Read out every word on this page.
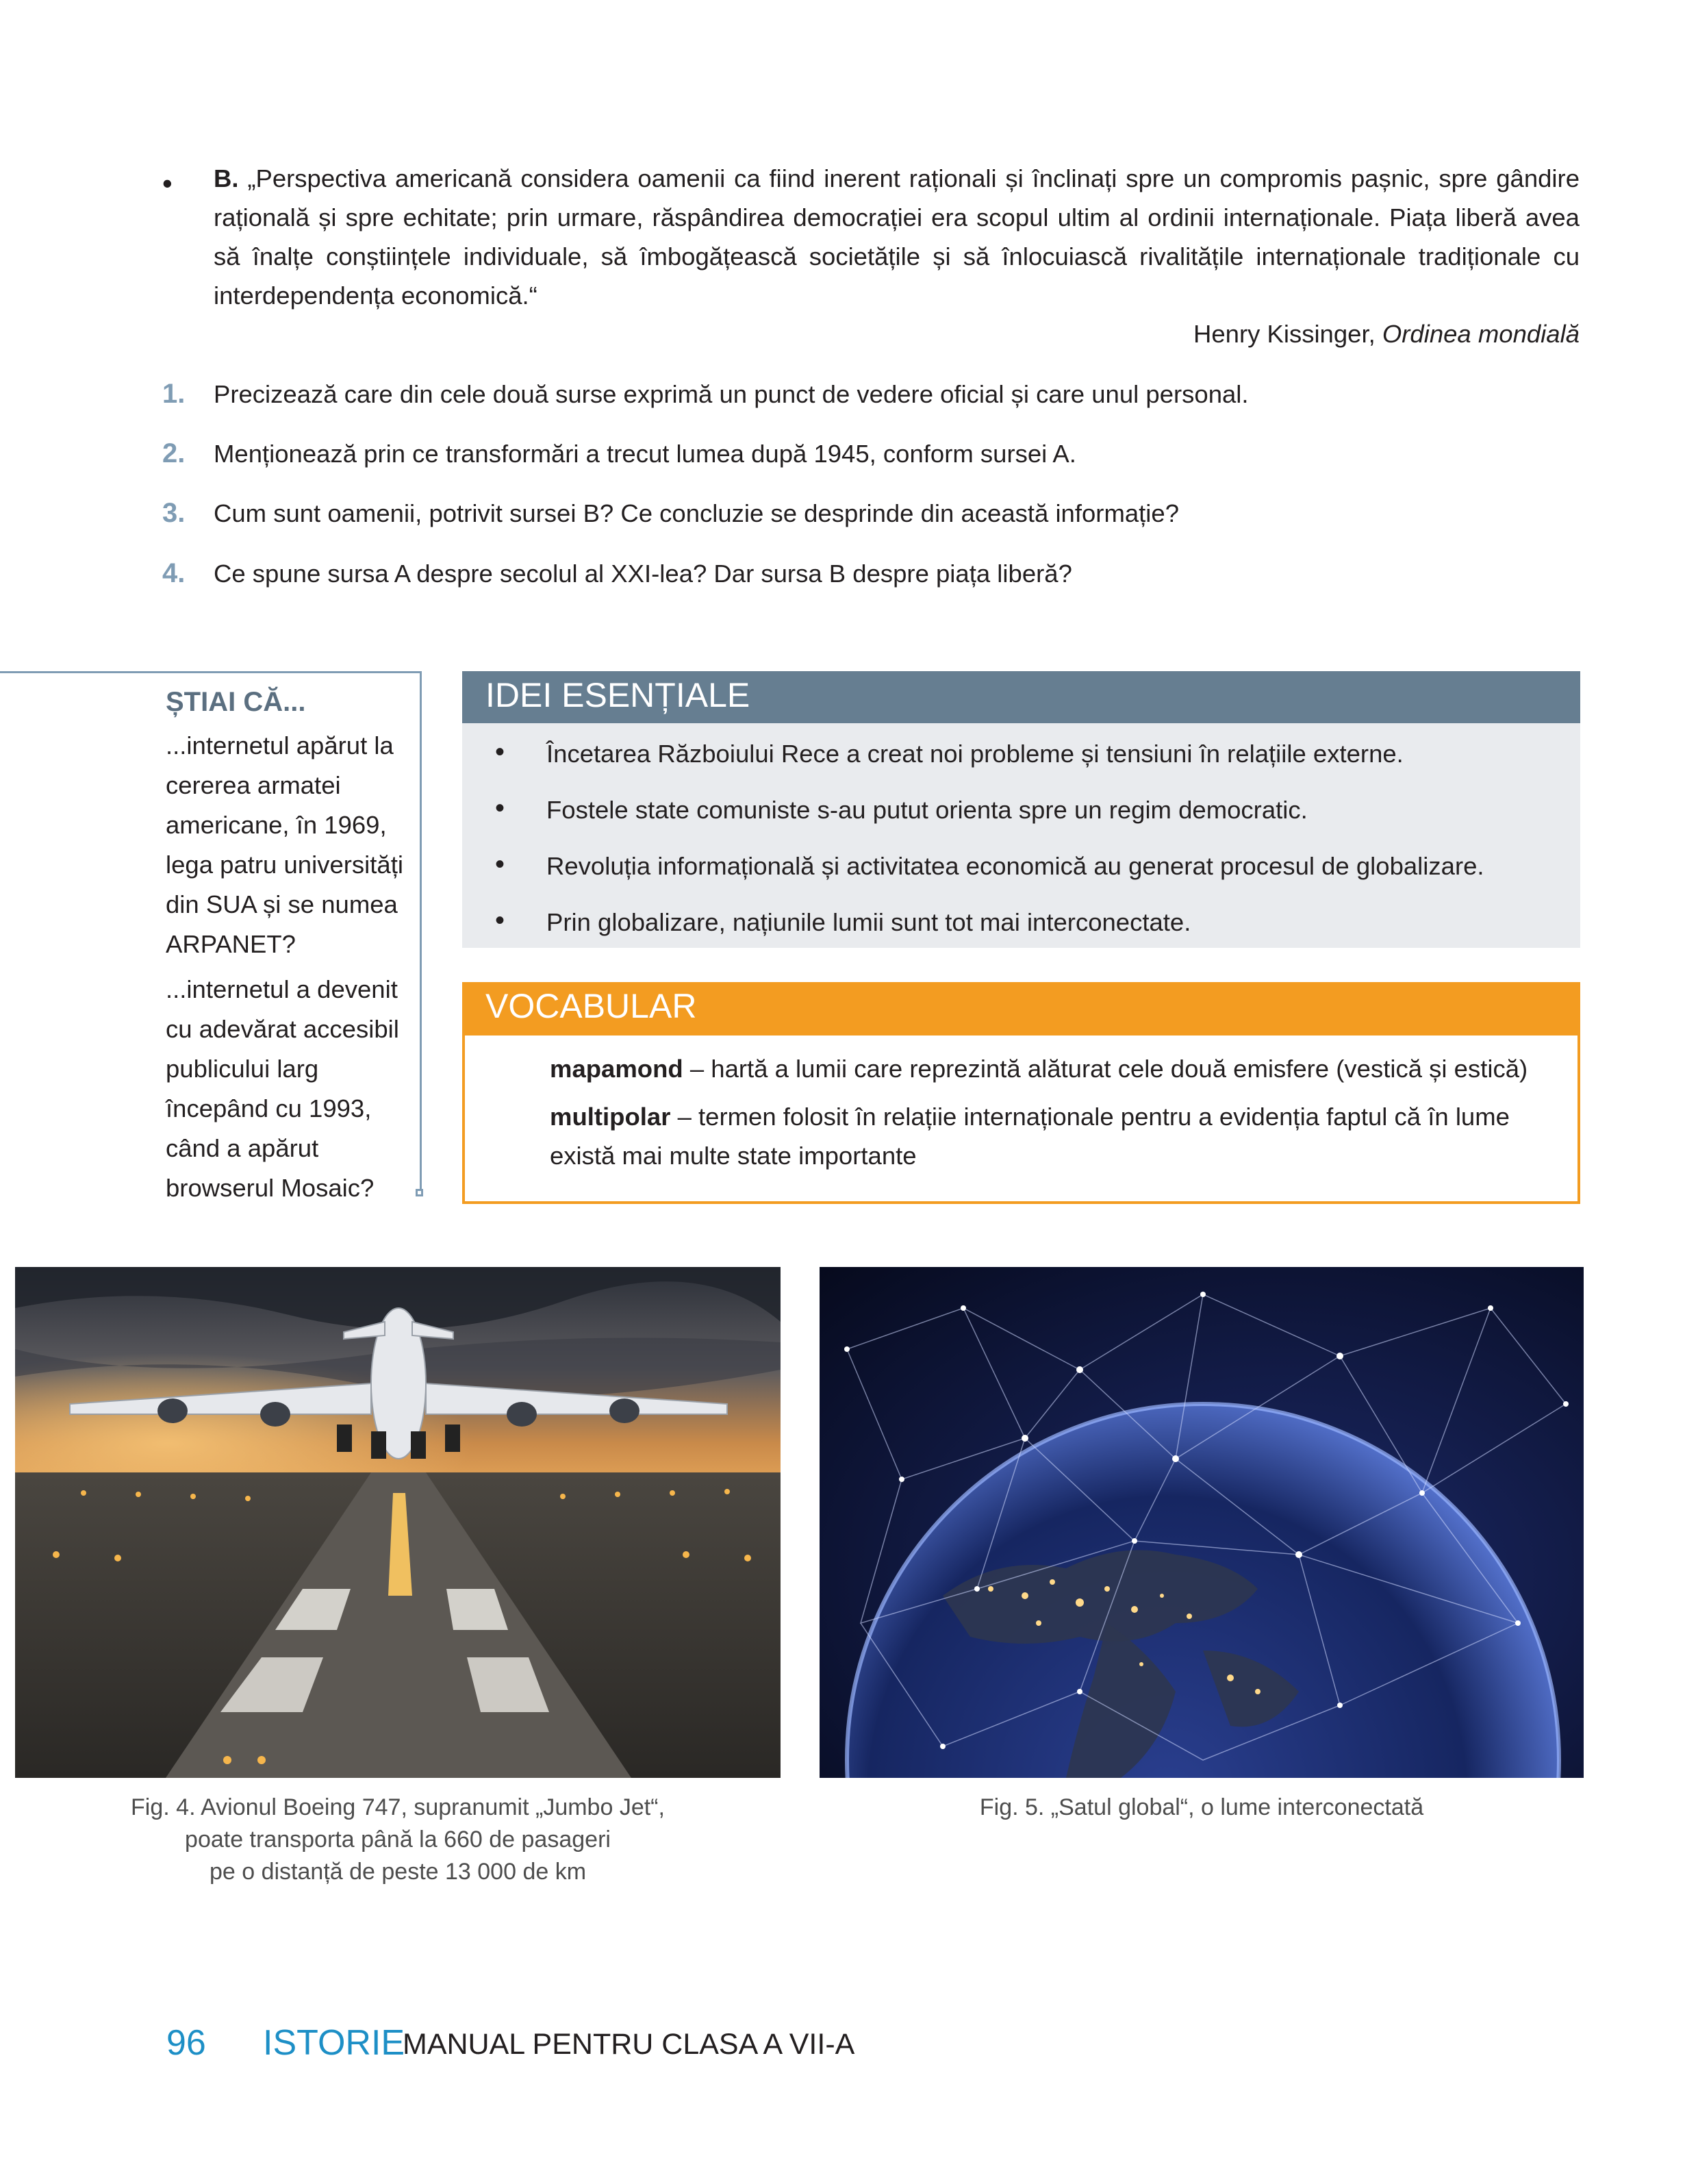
• B. „Perspectiva americană considera oamenii ca fiind inerent raționali și înclinați spre un compromis pașnic, spre gândire rațională și spre echitate; prin urmare, răspândirea democrației era scopul ultim al ordinii internaționale. Piața liberă avea să înalțe conștiințele individuale, să îmbogățească societățile și să înlocuiască rivalitățile internaționale tradiționale cu interdependența economică.“
Henry Kissinger, Ordinea mondială
1.	Precizează care din cele două surse exprimă un punct de vedere oficial și care unul personal.
2.	Menționează prin ce transformări a trecut lumea după 1945, conform sursei A.
3.	Cum sunt oamenii, potrivit sursei B? Ce concluzie se desprinde din această informație?
4.	Ce spune sursa A despre secolul al XXI-lea? Dar sursa B despre piața liberă?
ȘTIAI CĂ...

...internetul apărut la cererea armatei americane, în 1969, lega patru universități din SUA și se numea ARPANET?

...internetul a devenit cu adevărat accesibil publicului larg începând cu 1993, când a apărut browserul Mosaic?

IDEI ESENȚIALE
•	Încetarea Războiului Rece a creat noi probleme și tensiuni în relațiile externe.
•	Fostele state comuniste s-au putut orienta spre un regim democratic.
•	Revoluția informațională și activitatea economică au generat procesul de globalizare.
•	Prin globalizare, națiunile lumii sunt tot mai interconectate.
VOCABULAR
mapamond – hartă a lumii care reprezintă alăturat cele două emisfere (vestică și estică)
multipolar – termen folosit în relațiie internaționale pentru a evidenția faptul că în lume
există mai multe state importante
Fig. 4. Avionul Boeing 747, supranumit „Jumbo Jet“,
poate transporta până la 660 de pasageri
pe o distanță de peste 13 000 de km
Fig. 5. „Satul global“, o lume interconectată
96 ISTORIE
MANUAL PENTRU CLASA A VII-A
